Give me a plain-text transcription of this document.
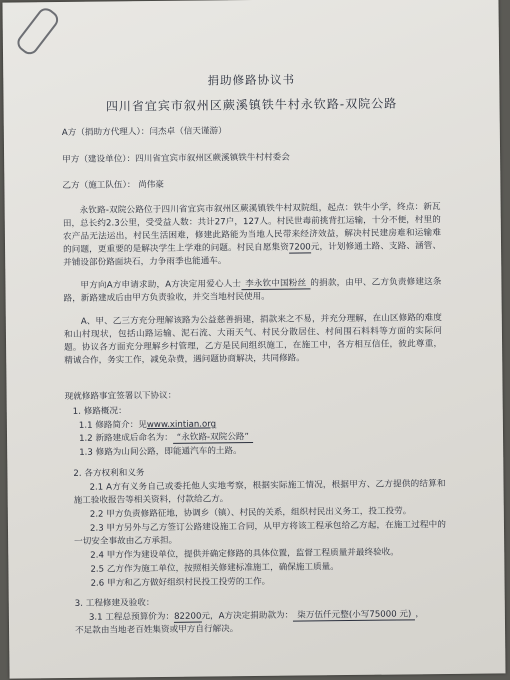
捐助修路协议书
四川省宜宾市叙州区蕨溪镇铁牛村永钦路-双院公路
A方（捐助方代理人）：闫杰卓（信天谨游）
甲方（建设单位）：四川省宜宾市叙州区蕨溪镇铁牛村村委会
乙方（施工队伍）： 尚伟豪
永钦路-双院公路位于四川省宜宾市叙州区蕨溪镇铁牛村双院组，起点：铁牛小学，终点：新瓦田，总长约2.3公里，受受益人数：共计27户，127人。村民世毒前挑背扛运输，十分不便，村里的农产品无法运出，村民生活困难，修建此路能为当地人民带来经济效益，解决村民建房难和运输难的问题，更重要的是解决学生上学难的问题。村民自愿集资7200元，计划修通土路、支路、涵管、并铺设部份路面块石，力争雨季也能通车。
甲方向A方申请求助，A方决定用爱心人士 李永钦中国粉丝 的捐款，由甲、乙方负责修建这条路，新路建成后由甲方负责验收，并交当地村民使用。
A、甲、乙三方充分理解该路为公益慈善捐建，捐款来之不易，并充分理解，在山区修路的难度和山村现状，包括山路运输、泥石流、大雨天气、村民分散居住、村间围石料料等方面的实际问题。协议各方面充分理解乡村管理，乙方是民间组织施工，在施工中，各方相互信任，彼此尊重，精诚合作，务实工作，减免杂费，遇问题协商解决，共同修路。
现就修路事宜签署以下协议：
1. 修路概况：
1.1 修路简介：见www.xintian.org
1.2 新路建成后命名为： “永钦路-双院公路”
1.3 修路为山间公路，即能通汽车的土路。
2. 各方权利和义务
2.1 A方有义务自己或委托他人实地考察，根据实际施工情况，根据甲方、乙方提供的结算和施工验收报告等相关资料，付款给乙方。
2.2 甲方负责修路征地，协调乡（镇）、村民的关系，组织村民出义务工，投工投劳。
2.3 甲方另外与乙方签订公路建设施工合同，从甲方将该工程承包给乙方起，在施工过程中的一切安全事故由乙方承担。
2.4 甲方作为建设单位，提供并确定修路的具体位置，监督工程质量并最终验收。
2.5 乙方作为施工单位，按照相关修建标准施工，确保施工质量。
2.6 甲方和乙方做好组织村民投工投劳的工作。
3. 工程修建及验收：
3.1 工程总预算价为：82200元，A方决定捐助款为： 柒万伍仟元整(小写75000 元) ，
不足款由当地老百姓集资或甲方自行解决。
